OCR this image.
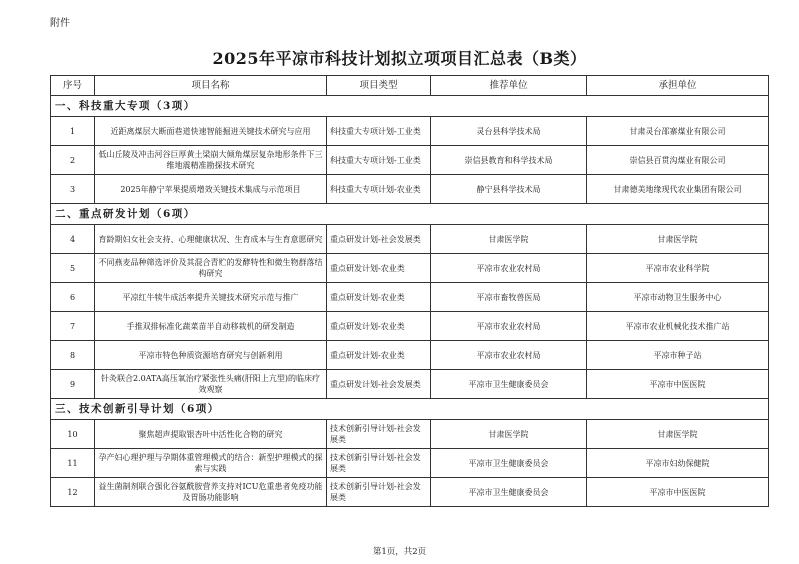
附件
2025年平凉市科技计划拟立项项目汇总表（B类）
序号	项目名称	项目类型	推荐单位	承担单位
一、科技重大专项（3项）				
1	近距离煤层大断面巷道快速智能掘进关键技术研究与应用	科技重大专项计划-工业类	灵台县科学技术局	甘肃灵台邵寨煤业有限公司
2	低山丘陵及冲击河谷巨厚黄土梁崩大倾角煤层复杂地形条件下三维地震精准勘探技术研究	科技重大专项计划-工业类	崇信县教育和科学技术局	崇信县百贯沟煤业有限公司
3	2025年静宁苹果提质增效关键技术集成与示范项目	科技重大专项计划-农业类	静宁县科学技术局	甘肃德美地缘现代农业集团有限公司
二、重点研发计划（6项）				
4	育龄期妇女社会支持、心理健康状况、生育成本与生育意愿研究	重点研发计划-社会发展类	甘肃医学院	甘肃医学院
5	不同燕麦品种筛选评价及其混合青贮的发酵特性和微生物群落结构研究	重点研发计划-农业类	平凉市农业农村局	平凉市农业科学院
6	平凉红牛犊牛成活率提升关键技术研究示范与推广	重点研发计划-农业类	平凉市畜牧兽医局	平凉市动物卫生服务中心
7	手推双排标准化蔬菜苗半自动移栽机的研发制造	重点研发计划-农业类	平凉市农业农村局	平凉市农业机械化技术推广站
8	平凉市特色种质资源培育研究与创新利用	重点研发计划-农业类	平凉市农业农村局	平凉市种子站
9	针灸联合2.0ATA高压氧治疗紧张性头痛(肝阳上亢型)的临床疗效观察	重点研发计划-社会发展类	平凉市卫生健康委员会	平凉市中医医院
三、技术创新引导计划（6项）				
10	聚焦超声提取银杏叶中活性化合物的研究	技术创新引导计划-社会发展类	甘肃医学院	甘肃医学院
11	孕产妇心理护理与孕期体重管理模式的结合：新型护理模式的探索与实践	技术创新引导计划-社会发展类	平凉市卫生健康委员会	平凉市妇幼保健院
12	益生菌制剂联合强化谷氨酰胺营养支持对ICU危重患者免疫功能及胃肠功能影响	技术创新引导计划-社会发展类	平凉市卫生健康委员会	平凉市中医医院
第1页，共2页
